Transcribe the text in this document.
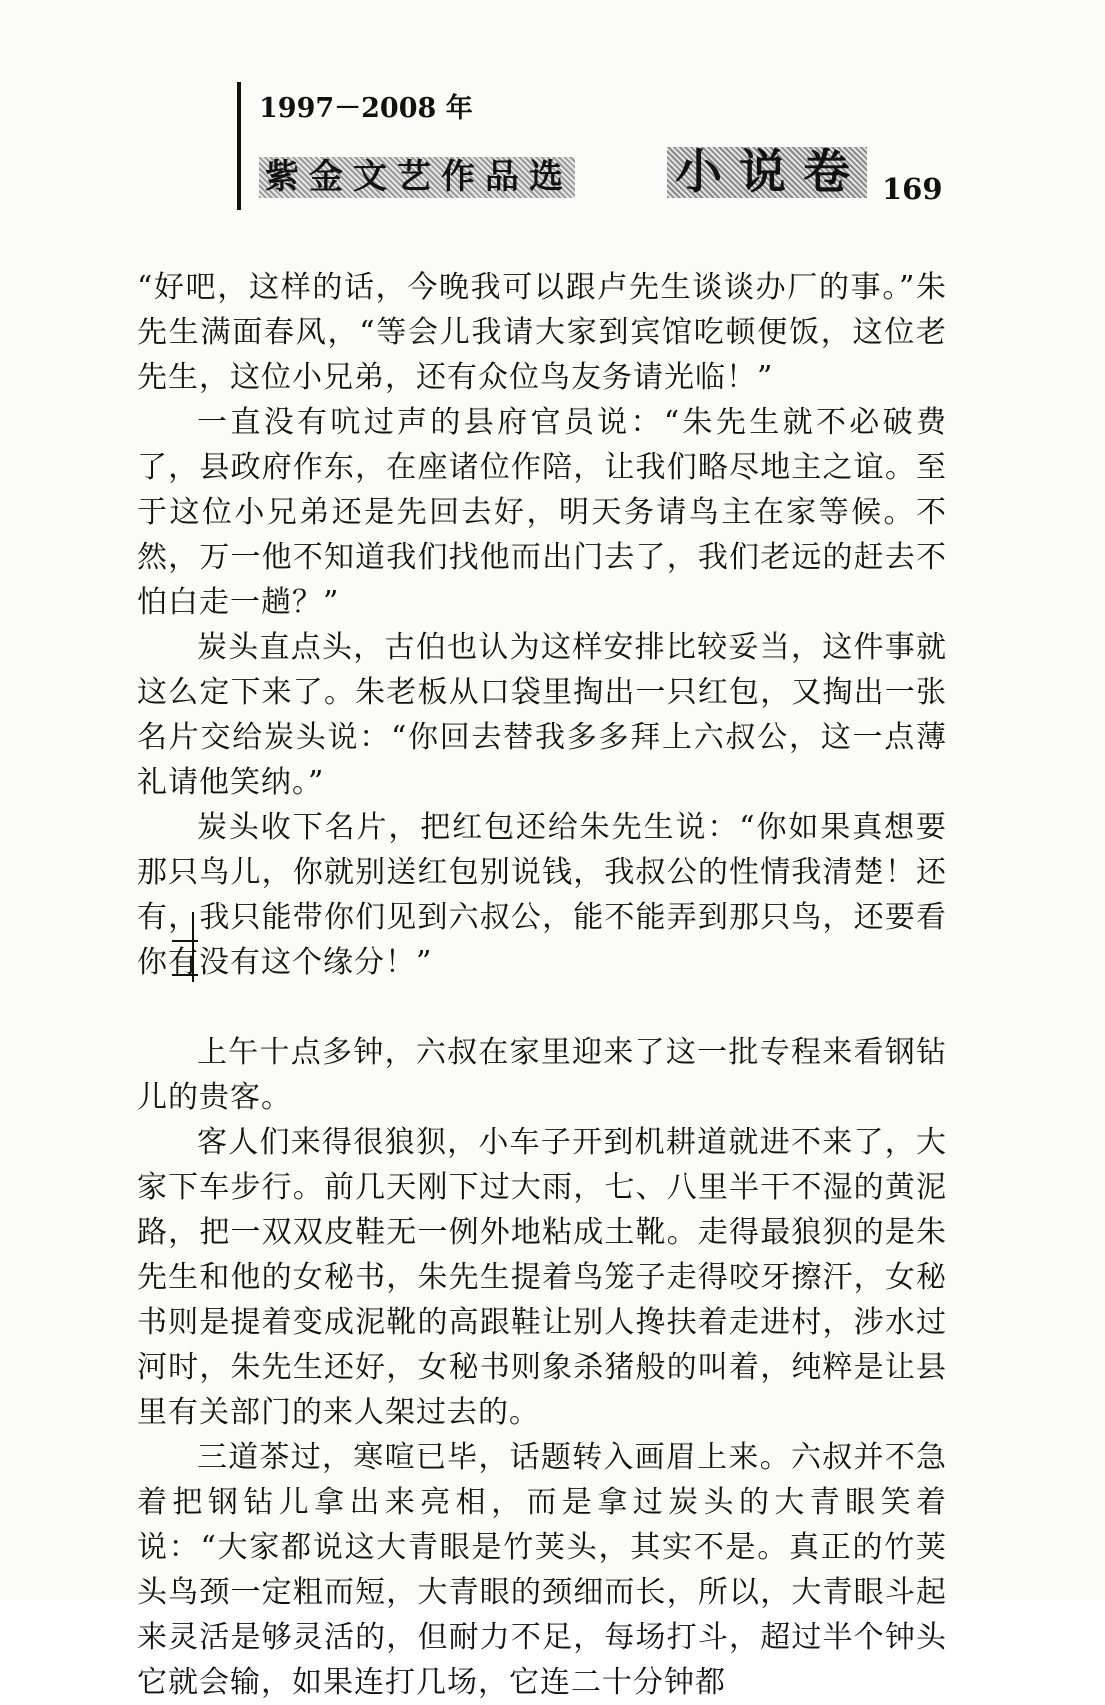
1997－2008 年
紫金文艺作品选 小说卷 169

“好吧，这样的话，今晚我可以跟卢先生谈谈办厂的事。”朱先生满面春风，“等会儿我请大家到宾馆吃顿便饭，这位老先生，这位小兄弟，还有众位鸟友务请光临！”

一直没有吭过声的县府官员说：“朱先生就不必破费了，县政府作东，在座诸位作陪，让我们略尽地主之谊。至于这位小兄弟还是先回去好，明天务请鸟主在家等候。不然，万一他不知道我们找他而出门去了，我们老远的赶去不怕白走一趟？”

炭头直点头，古伯也认为这样安排比较妥当，这件事就这么定下来了。朱老板从口袋里掏出一只红包，又掏出一张名片交给炭头说：“你回去替我多多拜上六叔公，这一点薄礼请他笑纳。”

炭头收下名片，把红包还给朱先生说：“你如果真想要那只鸟儿，你就别送红包别说钱，我叔公的性情我清楚！还有，我只能带你们见到六叔公，能不能弄到那只鸟，还要看你有没有这个缘分！”

上午十点多钟，六叔在家里迎来了这一批专程来看钢钻儿的贵客。

客人们来得很狼狈，小车子开到机耕道就进不来了，大家下车步行。前几天刚下过大雨，七、八里半干不湿的黄泥路，把一双双皮鞋无一例外地粘成土靴。走得最狼狈的是朱先生和他的女秘书，朱先生提着鸟笼子走得咬牙擦汗，女秘书则是提着变成泥靴的高跟鞋让别人搀扶着走进村，涉水过河时，朱先生还好，女秘书则象杀猪般的叫着，纯粹是让县里有关部门的来人架过去的。

三道茶过，寒喧已毕，话题转入画眉上来。六叔并不急着把钢钻儿拿出来亮相，而是拿过炭头的大青眼笑着说：“大家都说这大青眼是竹荚头，其实不是。真正的竹荚头鸟颈一定粗而短，大青眼的颈细而长，所以，大青眼斗起来灵活是够灵活的，但耐力不足，每场打斗，超过半个钟头它就会输，如果连打几场，它连二十分钟都
